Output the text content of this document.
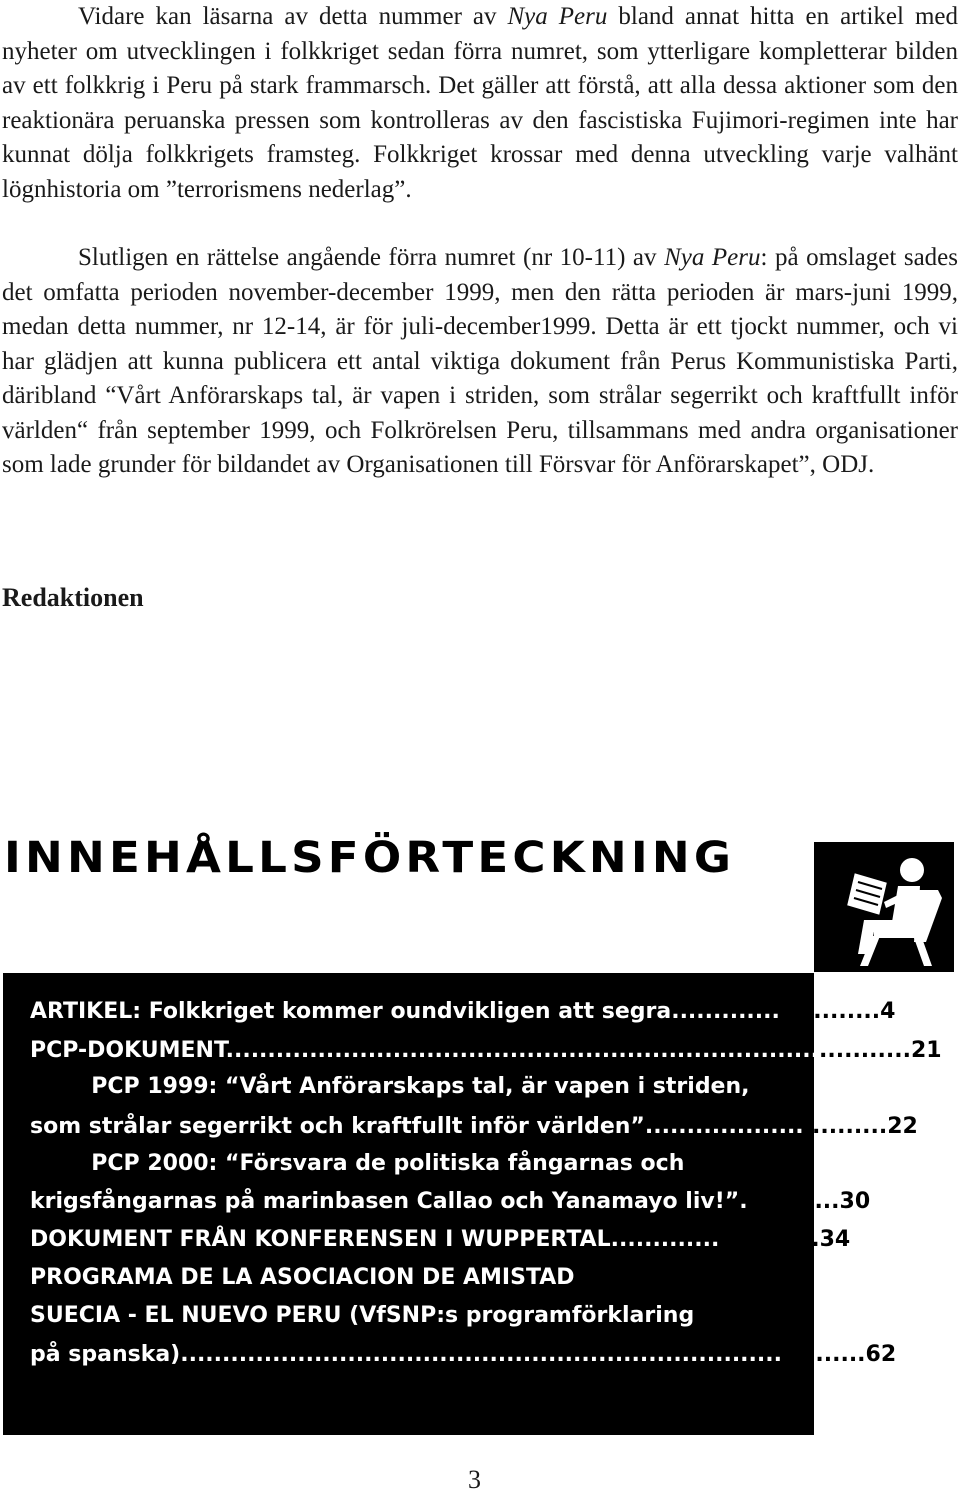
Vidare kan läsarna av detta nummer av Nya Peru bland annat hitta en artikel med nyheter om utvecklingen i folkkriget sedan förra numret, som ytterligare kompletterar bilden av ett folkkrig i Peru på stark frammarsch. Det gäller att förstå, att alla dessa aktioner som den reaktionära peruanska pressen som kontrolleras av den fascistiska Fujimori-regimen inte har kunnat dölja folkkrigets framsteg. Folkkriget krossar med denna utveckling varje valhänt lögnhistoria om ”terrorismens nederlag”.

Slutligen en rättelse angående förra numret (nr 10-11) av Nya Peru: på omslaget sades det omfatta perioden november-december 1999, men den rätta perioden är mars-juni 1999, medan detta nummer, nr 12-14, är för juli-december1999. Detta är ett tjockt nummer, och vi har glädjen att kunna publicera ett antal viktiga dokument från Perus Kommunistiska Parti, däribland “Vårt Anförarskaps tal, är vapen i striden, som strålar segerrikt och kraftfullt inför världen“ från september 1999, och Folkrörelsen Peru, tillsammans med andra organisationer som lade grunder för bildandet av Organisationen till Försvar för Anförarskapet”, ODJ.

Redaktionen

INNEHÅLLSFÖRTECKNING

ARTIKEL: Folkkriget kommer oundvikligen att segra.........................4

PCP-DOKUMENT..................................................................................21

PCP 1999: “Vårt Anförarskaps tal, är vapen i striden,

som strålar segerrikt och kraftfullt inför världen”.............................22

PCP 2000: “Försvara de politiska fångarnas och

krigsfångarnas på marinbasen Callao och Yanamayo liv!”............30

DOKUMENT FRÅN KONFERENSEN I WUPPERTAL.........................34

PROGRAMA DE LA ASOCIACION DE AMISTAD

SUECIA - EL NUEVO PERU (VfSNP:s programförklaring

på spanska)..................................................................................62

3
